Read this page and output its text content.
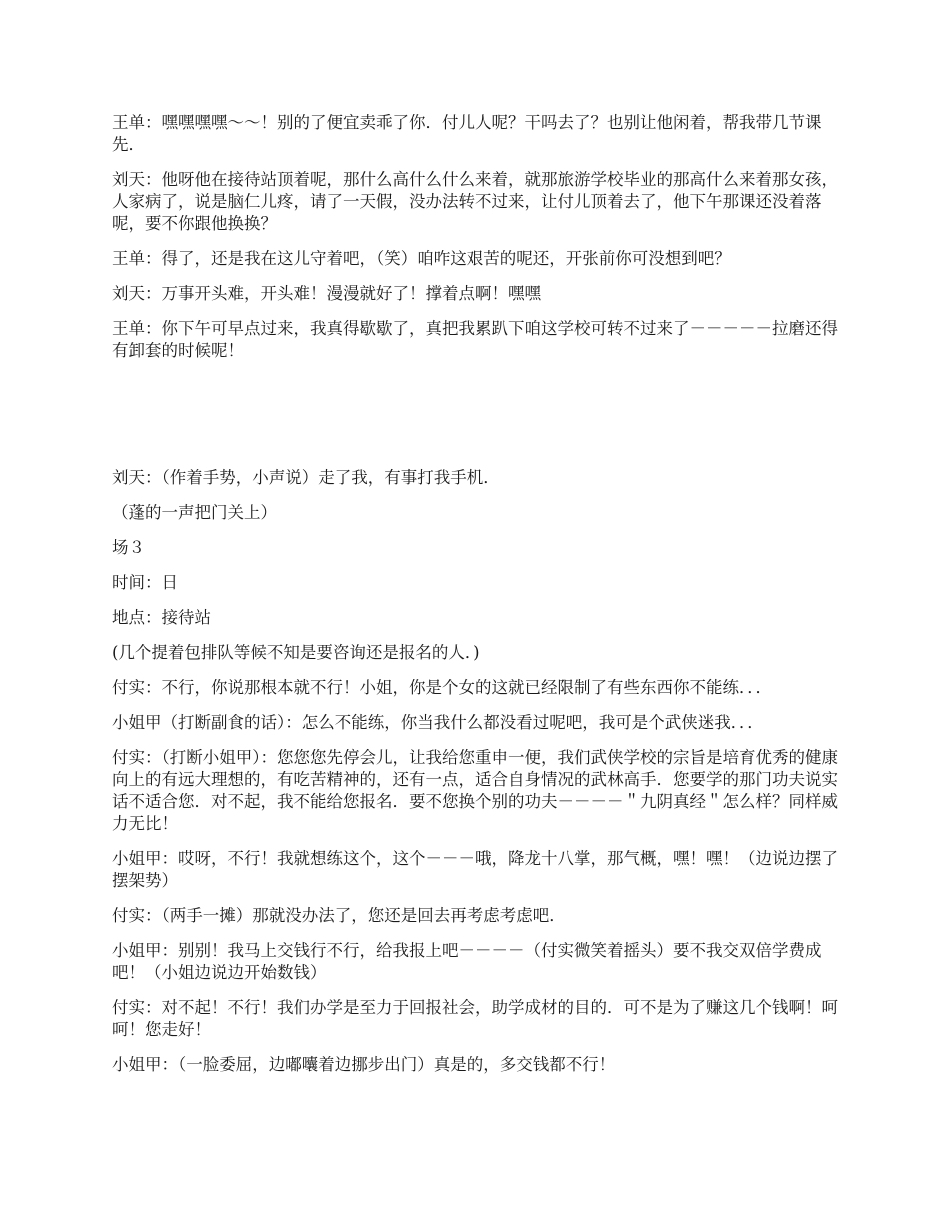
王单：嘿嘿嘿嘿～～！别的了便宜卖乖了你．付儿人呢？干吗去了？也别让他闲着，帮我带几节课先．

刘天：他呀他在接待站顶着呢，那什么高什么什么来着，就那旅游学校毕业的那高什么来着那女孩，人家病了，说是脑仁儿疼，请了一天假，没办法转不过来，让付儿顶着去了，他下午那课还没着落呢，要不你跟他换换？

王单：得了，还是我在这儿守着吧，（笑）咱咋这艰苦的呢还，开张前你可没想到吧？

刘天：万事开头难，开头难！漫漫就好了！撑着点啊！嘿嘿

王单：你下午可早点过来，我真得歇歇了，真把我累趴下咱这学校可转不过来了－－－－－拉磨还得有卸套的时候呢！

刘天：（作着手势，小声说）走了我，有事打我手机．

（蓬的一声把门关上）

场３

时间：日

地点：接待站

(几个提着包排队等候不知是要咨询还是报名的人．)

付实：不行，你说那根本就不行！小姐，你是个女的这就已经限制了有些东西你不能练．．．

小姐甲（打断副食的话）：怎么不能练，你当我什么都没看过呢吧，我可是个武侠迷我．．．

付实：（打断小姐甲）：您您您先停会儿，让我给您重申一便，我们武侠学校的宗旨是培育优秀的健康向上的有远大理想的，有吃苦精神的，还有一点，适合自身情况的武林高手．您要学的那门功夫说实话不适合您．对不起，我不能给您报名．要不您换个别的功夫－－－－＂九阴真经＂怎么样？同样威力无比！

小姐甲：哎呀，不行！我就想练这个，这个－－－哦，降龙十八掌，那气概，嘿！嘿！（边说边摆了摆架势）

付实：（两手一摊）那就没办法了，您还是回去再考虑考虑吧．

小姐甲：别别！我马上交钱行不行，给我报上吧－－－－（付实微笑着摇头）要不我交双倍学费成吧！（小姐边说边开始数钱）

付实：对不起！不行！我们办学是至力于回报社会，助学成材的目的．可不是为了赚这几个钱啊！呵呵！您走好！

小姐甲：（一脸委屈，边嘟囔着边挪步出门）真是的，多交钱都不行！
